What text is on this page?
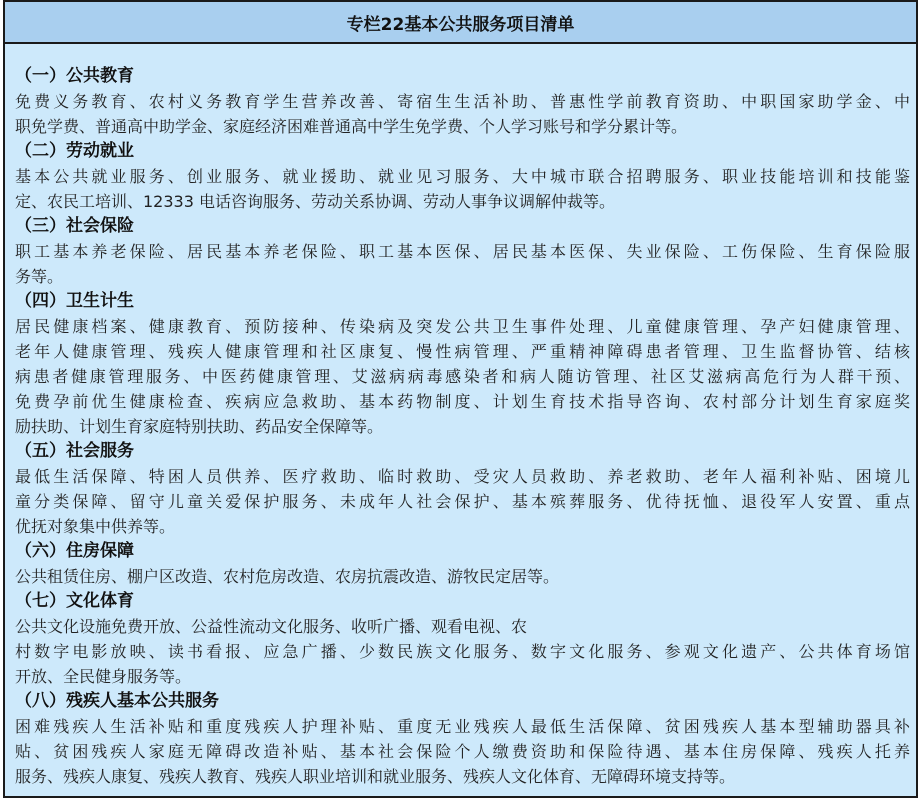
专栏22基本公共服务项目清单
（一）公共教育
免费义务教育、农村义务教育学生营养改善、寄宿生生活补助、普惠性学前教育资助、中职国家助学金、中
职免学费、普通高中助学金、家庭经济困难普通高中学生免学费、个人学习账号和学分累计等。
（二）劳动就业
基本公共就业服务、创业服务、就业援助、就业见习服务、大中城市联合招聘服务、职业技能培训和技能鉴
定、农民工培训、12333 电话咨询服务、劳动关系协调、劳动人事争议调解仲裁等。
（三）社会保险
职工基本养老保险、居民基本养老保险、职工基本医保、居民基本医保、失业保险、工伤保险、生育保险服
务等。
（四）卫生计生
居民健康档案、健康教育、预防接种、传染病及突发公共卫生事件处理、儿童健康管理、孕产妇健康管理、
老年人健康管理、残疾人健康管理和社区康复、慢性病管理、严重精神障碍患者管理、卫生监督协管、结核
病患者健康管理服务、中医药健康管理、艾滋病病毒感染者和病人随访管理、社区艾滋病高危行为人群干预、
免费孕前优生健康检查、疾病应急救助、基本药物制度、计划生育技术指导咨询、农村部分计划生育家庭奖
励扶助、计划生育家庭特别扶助、药品安全保障等。
（五）社会服务
最低生活保障、特困人员供养、医疗救助、临时救助、受灾人员救助、养老救助、老年人福利补贴、困境儿
童分类保障、留守儿童关爱保护服务、未成年人社会保护、基本殡葬服务、优待抚恤、退役军人安置、重点
优抚对象集中供养等。
（六）住房保障
公共租赁住房、棚户区改造、农村危房改造、农房抗震改造、游牧民定居等。
（七）文化体育
公共文化设施免费开放、公益性流动文化服务、收听广播、观看电视、农
村数字电影放映、读书看报、应急广播、少数民族文化服务、数字文化服务、参观文化遗产、公共体育场馆
开放、全民健身服务等。
（八）残疾人基本公共服务
困难残疾人生活补贴和重度残疾人护理补贴、重度无业残疾人最低生活保障、贫困残疾人基本型辅助器具补
贴、贫困残疾人家庭无障碍改造补贴、基本社会保险个人缴费资助和保险待遇、基本住房保障、残疾人托养
服务、残疾人康复、残疾人教育、残疾人职业培训和就业服务、残疾人文化体育、无障碍环境支持等。
